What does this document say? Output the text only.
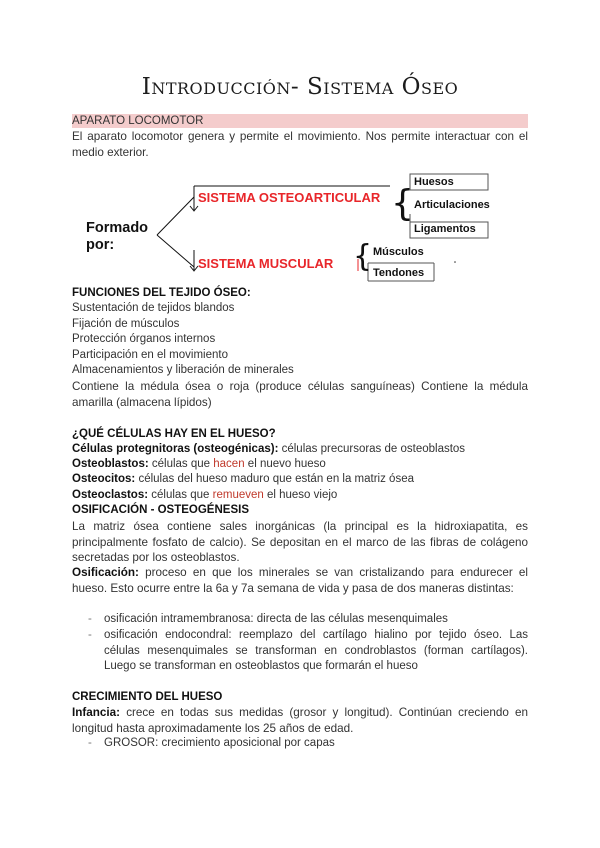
Introducción- Sistema Óseo
APARATO LOCOMOTOR
El aparato locomotor genera y permite el movimiento. Nos permite interactuar con el medio exterior.
Formado
por:
SISTEMA OSTEOARTICULAR
SISTEMA MUSCULAR
{
{
Huesos
Articulaciones
Ligamentos
Músculos
Tendones
FUNCIONES DEL TEJIDO ÓSEO:
Sustentación de tejidos blandos
Fijación de músculos
Protección órganos internos
Participación en el movimiento
Almacenamientos y liberación de minerales
Contiene la médula ósea o roja (produce células sanguíneas) Contiene la médula amarilla (almacena lípidos)
¿QUÉ CÉLULAS HAY EN EL HUESO?
Células protegnitoras (osteogénicas): células precursoras de osteoblastos
Osteoblastos: células que hacen el nuevo hueso
Osteocitos: células del hueso maduro que están en la matriz ósea
Osteoclastos: células que remueven el hueso viejo
OSIFICACIÓN - OSTEOGÉNESIS
La matriz ósea contiene sales inorgánicas (la principal es la hidroxiapatita, es principalmente fosfato de calcio). Se depositan en el marco de las fibras de colágeno secretadas por los osteoblastos.
Osificación: proceso en que los minerales se van cristalizando para endurecer el hueso. Esto ocurre entre la 6a y 7a semana de vida y pasa de dos maneras distintas:
- osificación intramembranosa: directa de las células mesenquimales
- osificación endocondral: reemplazo del cartílago hialino por tejido óseo. Las células mesenquimales se transforman en condroblastos (forman cartílagos). Luego se transforman en osteoblastos que formarán el hueso
CRECIMIENTO DEL HUESO
Infancia: crece en todas sus medidas (grosor y longitud). Continúan creciendo en longitud hasta aproximadamente los 25 años de edad.
- GROSOR: crecimiento aposicional por capas
